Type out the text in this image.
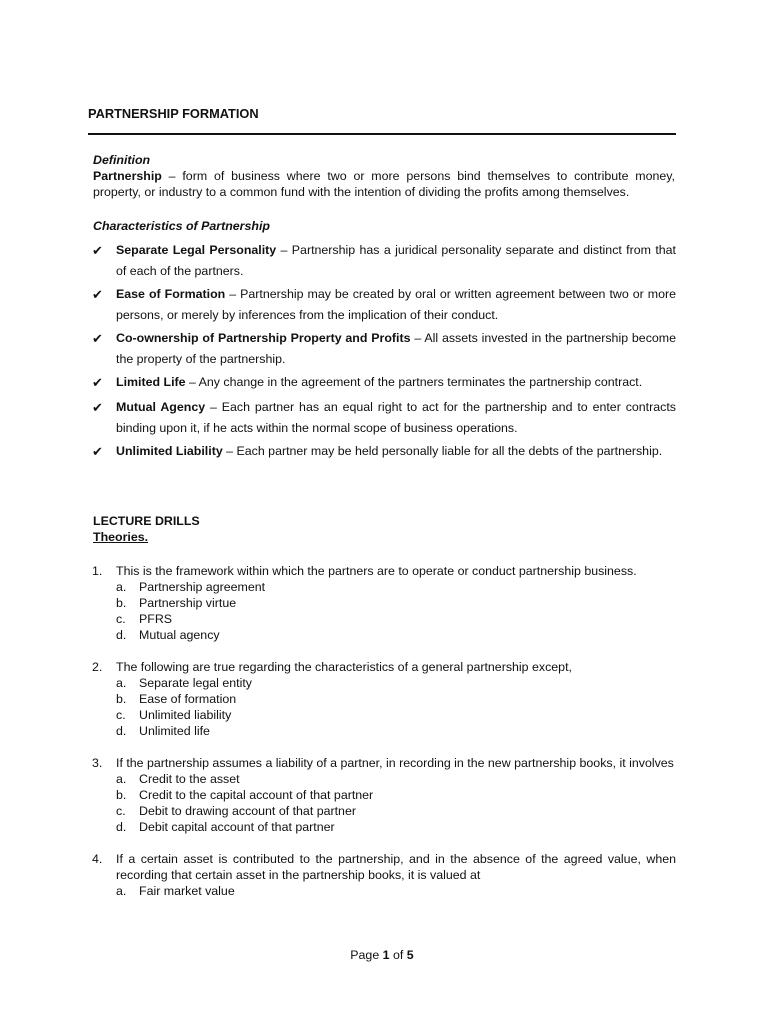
PARTNERSHIP FORMATION
Definition
Partnership – form of business where two or more persons bind themselves to contribute money, property, or industry to a common fund with the intention of dividing the profits among themselves.
Characteristics of Partnership
✔ Separate Legal Personality – Partnership has a juridical personality separate and distinct from that of each of the partners.
✔ Ease of Formation – Partnership may be created by oral or written agreement between two or more persons, or merely by inferences from the implication of their conduct.
✔ Co-ownership of Partnership Property and Profits – All assets invested in the partnership become the property of the partnership.
✔ Limited Life – Any change in the agreement of the partners terminates the partnership contract.
✔ Mutual Agency – Each partner has an equal right to act for the partnership and to enter contracts binding upon it, if he acts within the normal scope of business operations.
✔ Unlimited Liability – Each partner may be held personally liable for all the debts of the partnership.
LECTURE DRILLS
Theories.
1. This is the framework within which the partners are to operate or conduct partnership business.
a. Partnership agreement
b. Partnership virtue
c. PFRS
d. Mutual agency
2. The following are true regarding the characteristics of a general partnership except,
a. Separate legal entity
b. Ease of formation
c. Unlimited liability
d. Unlimited life
3. If the partnership assumes a liability of a partner, in recording in the new partnership books, it involves
a. Credit to the asset
b. Credit to the capital account of that partner
c. Debit to drawing account of that partner
d. Debit capital account of that partner
4. If a certain asset is contributed to the partnership, and in the absence of the agreed value, when recording that certain asset in the partnership books, it is valued at
a. Fair market value
Page 1 of 5
